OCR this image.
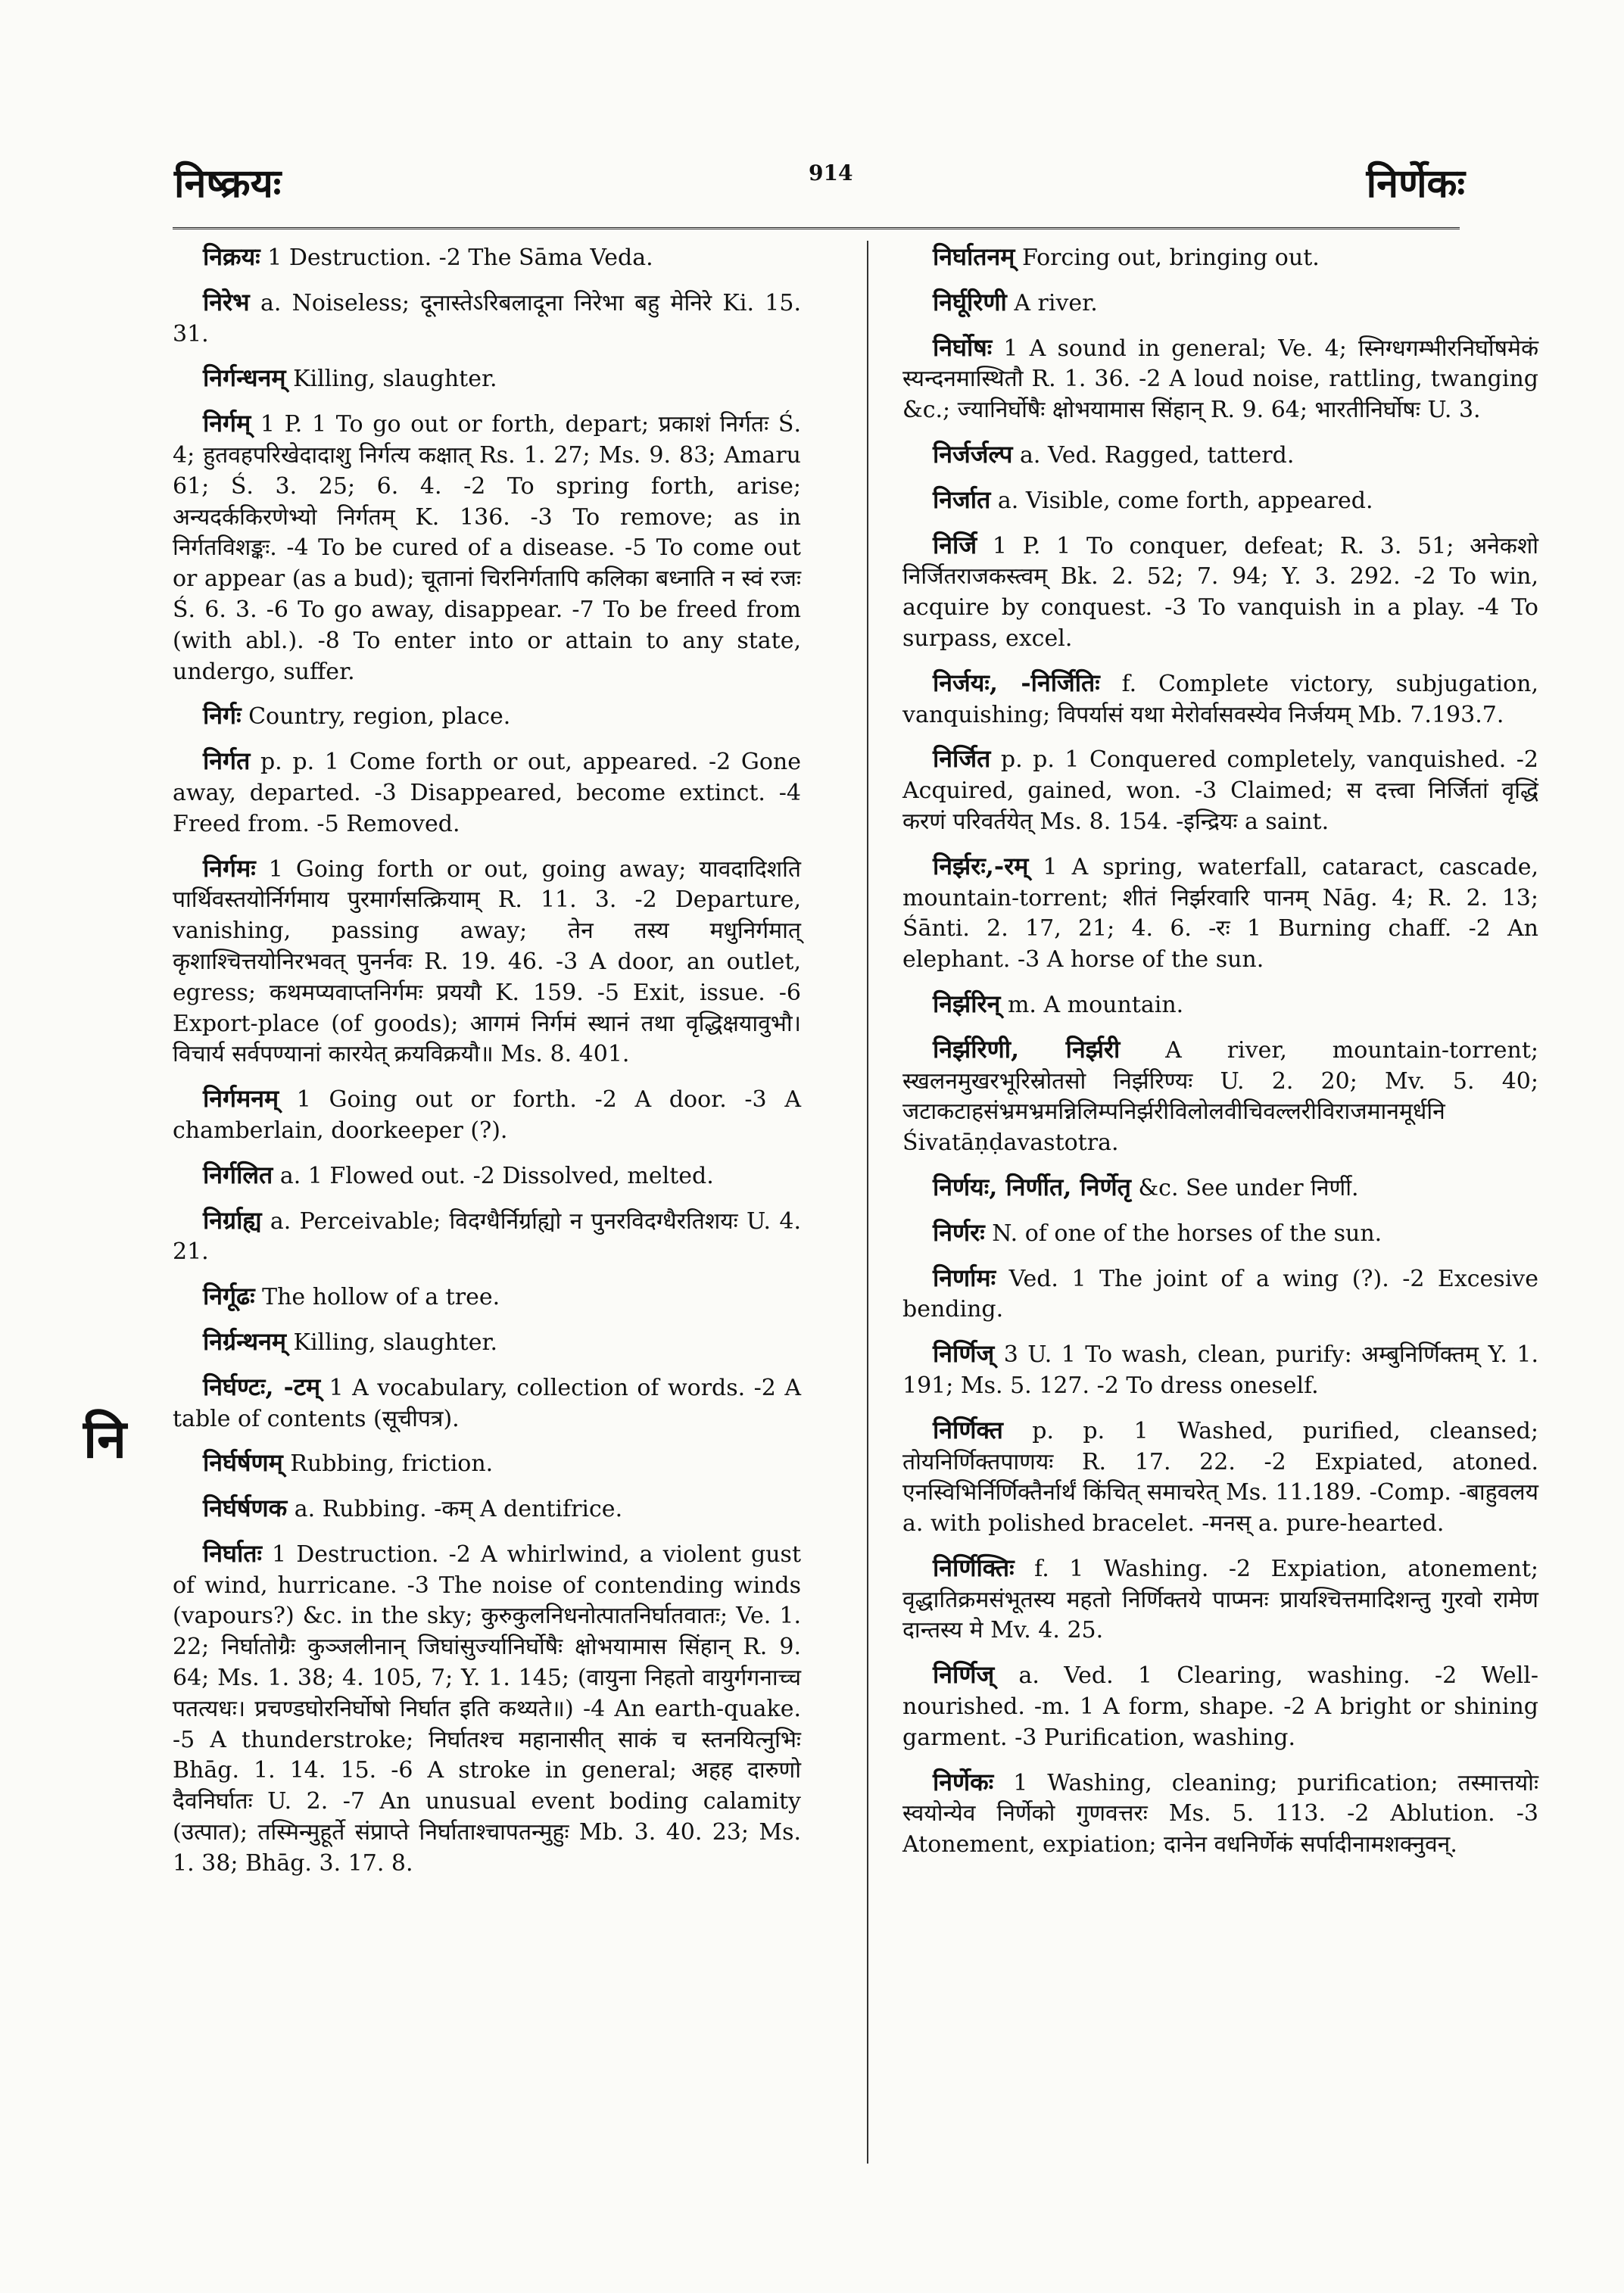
निष्क्रयः	914	निर्णेकः
नि

निक्रयः 1 Destruction. -2 The Sāma Veda.

निरेभ a. Noiseless; दूनास्तेऽरिबलादूना निरेभा बहु मेनिरे Ki. 15. 31.

निर्गन्धनम् Killing, slaughter.

निर्गम् 1 P. 1 To go out or forth, depart; प्रकाशं निर्गतः Ś. 4; हुतवहपरिखेदादाशु निर्गत्य कक्षात् Rs. 1. 27; Ms. 9. 83; Amaru 61; Ś. 3. 25; 6. 4. -2 To spring forth, arise; अन्यदर्ककिरणेभ्यो निर्गतम् K. 136. -3 To remove; as in निर्गतविशङ्कः. -4 To be cured of a disease. -5 To come out or appear (as a bud); चूतानां चिरनिर्गतापि कलिका बध्नाति न स्वं रजः Ś. 6. 3. -6 To go away, disappear. -7 To be freed from (with abl.). -8 To enter into or attain to any state, undergo, suffer.

निर्गः Country, region, place.

निर्गत p. p. 1 Come forth or out, appeared. -2 Gone away, departed. -3 Disappeared, become extinct. -4 Freed from. -5 Removed.

निर्गमः 1 Going forth or out, going away; यावदादिशति पार्थिवस्तयोर्निर्गमाय पुरमार्गसत्क्रियाम् R. 11. 3. -2 Departure, vanishing, passing away; तेन तस्य मधुनिर्गमात् कृशाश्चित्तयोनिरभवत् पुनर्नवः R. 19. 46. -3 A door, an outlet, egress; कथमप्यवाप्तनिर्गमः प्रययौ K. 159. -5 Exit, issue. -6 Export-place (of goods); आगमं निर्गमं स्थानं तथा वृद्धिक्षयावुभौ। विचार्य सर्वपण्यानां कारयेत् क्रयविक्रयौ॥ Ms. 8. 401.

निर्गमनम् 1 Going out or forth. -2 A door. -3 A chamberlain, doorkeeper (?).

निर्गलित a. 1 Flowed out. -2 Dissolved, melted.

निर्ग्राह्य a. Perceivable; विदग्धैर्निर्ग्राह्यो न पुनरविदग्धैरतिशयः U. 4. 21.

निर्गूढः The hollow of a tree.

निर्ग्रन्थनम् Killing, slaughter.

निर्घण्टः, -टम् 1 A vocabulary, collection of words. -2 A table of contents (सूचीपत्र).

निर्घर्षणम् Rubbing, friction.

निर्घर्षणक a. Rubbing. -कम् A dentifrice.

निर्घातः 1 Destruction. -2 A whirlwind, a violent gust of wind, hurricane. -3 The noise of contending winds (vapours?) &c. in the sky; कुरुकुलनिधनोत्पातनिर्घातवातः; Ve. 1. 22; निर्घातोग्रैः कुञ्जलीनान् जिघांसुर्ज्यानिर्घोषैः क्षोभयामास सिंहान् R. 9. 64; Ms. 1. 38; 4. 105, 7; Y. 1. 145; (वायुना निहतो वायुर्गगनाच्च पतत्यधः। प्रचण्डघोरनिर्घोषो निर्घात इति कथ्यते॥) -4 An earth-quake. -5 A thunderstroke; निर्घातश्च महानासीत् साकं च स्तनयित्नुभिः Bhāg. 1. 14. 15. -6 A stroke in general; अहह दारुणो दैवनिर्घातः U. 2. -7 An unusual event boding calamity (उत्पात); तस्मिन्मुहूर्ते संप्राप्ते निर्घाताश्चापतन्मुहुः Mb. 3. 40. 23; Ms. 1. 38; Bhāg. 3. 17. 8.

निर्घातनम् Forcing out, bringing out.

निर्घूरिणी A river.

निर्घोषः 1 A sound in general; Ve. 4; स्निग्धगम्भीरनिर्घोषमेकं स्यन्दनमास्थितौ R. 1. 36. -2 A loud noise, rattling, twanging &c.; ज्यानिर्घोषैः क्षोभयामास सिंहान् R. 9. 64; भारतीनिर्घोषः U. 3.

निर्जर्जल्प a. Ved. Ragged, tatterd.

निर्जात a. Visible, come forth, appeared.

निर्जि 1 P. 1 To conquer, defeat; R. 3. 51; अनेकशो निर्जितराजकस्त्वम् Bk. 2. 52; 7. 94; Y. 3. 292. -2 To win, acquire by conquest. -3 To vanquish in a play. -4 To surpass, excel.

निर्जयः, -निर्जितिः f. Complete victory, subjugation, vanquishing; विपर्यासं यथा मेरोर्वासवस्येव निर्जयम् Mb. 7.193.7.

निर्जित p. p. 1 Conquered completely, vanquished. -2 Acquired, gained, won. -3 Claimed; स दत्त्वा निर्जितां वृद्धिं करणं परिवर्तयेत् Ms. 8. 154. -इन्द्रियः a saint.

निर्झरः,-रम् 1 A spring, waterfall, cataract, cascade, mountain-torrent; शीतं निर्झरवारि पानम् Nāg. 4; R. 2. 13; Śānti. 2. 17, 21; 4. 6. -रः 1 Burning chaff. -2 An elephant. -3 A horse of the sun.

निर्झरिन् m. A mountain.

निर्झरिणी, निर्झरी A river, mountain-torrent; स्खलनमुखरभूरिस्रोतसो निर्झरिण्यः U. 2. 20; Mv. 5. 40; जटाकटाहसंभ्रमभ्रमन्निलिम्पनिर्झरीविलोलवीचिवल्लरीविराजमानमूर्धनि Śivatāṇḍavastotra.

निर्णयः, निर्णीत, निर्णेतृ &c. See under निर्णी.

निर्णरः N. of one of the horses of the sun.

निर्णामः Ved. 1 The joint of a wing (?). -2 Excesive bending.

निर्णिज् 3 U. 1 To wash, clean, purify: अम्बुनिर्णिक्तम् Y. 1. 191; Ms. 5. 127. -2 To dress oneself.

निर्णिक्त p. p. 1 Washed, purified, cleansed; तोयनिर्णिक्तपाणयः R. 17. 22. -2 Expiated, atoned. एनस्विभिर्निर्णिक्तैर्नार्थं किंचित् समाचरेत् Ms. 11.189. -Comp. -बाहुवलय a. with polished bracelet. -मनस् a. pure-hearted.

निर्णिक्तिः f. 1 Washing. -2 Expiation, atonement; वृद्धातिक्रमसंभूतस्य महतो निर्णिक्तये पाप्मनः प्रायश्चित्तमादिशन्तु गुरवो रामेण दान्तस्य मे Mv. 4. 25.

निर्णिज् a. Ved. 1 Clearing, washing. -2 Well-nourished. -m. 1 A form, shape. -2 A bright or shining garment. -3 Purification, washing.

निर्णेकः 1 Washing, cleaning; purification; तस्मात्तयोः स्वयोन्येव निर्णेको गुणवत्तरः Ms. 5. 113. -2 Ablution. -3 Atonement, expiation; दानेन वधनिर्णेकं सर्पादीनामशक्नुवन्.
